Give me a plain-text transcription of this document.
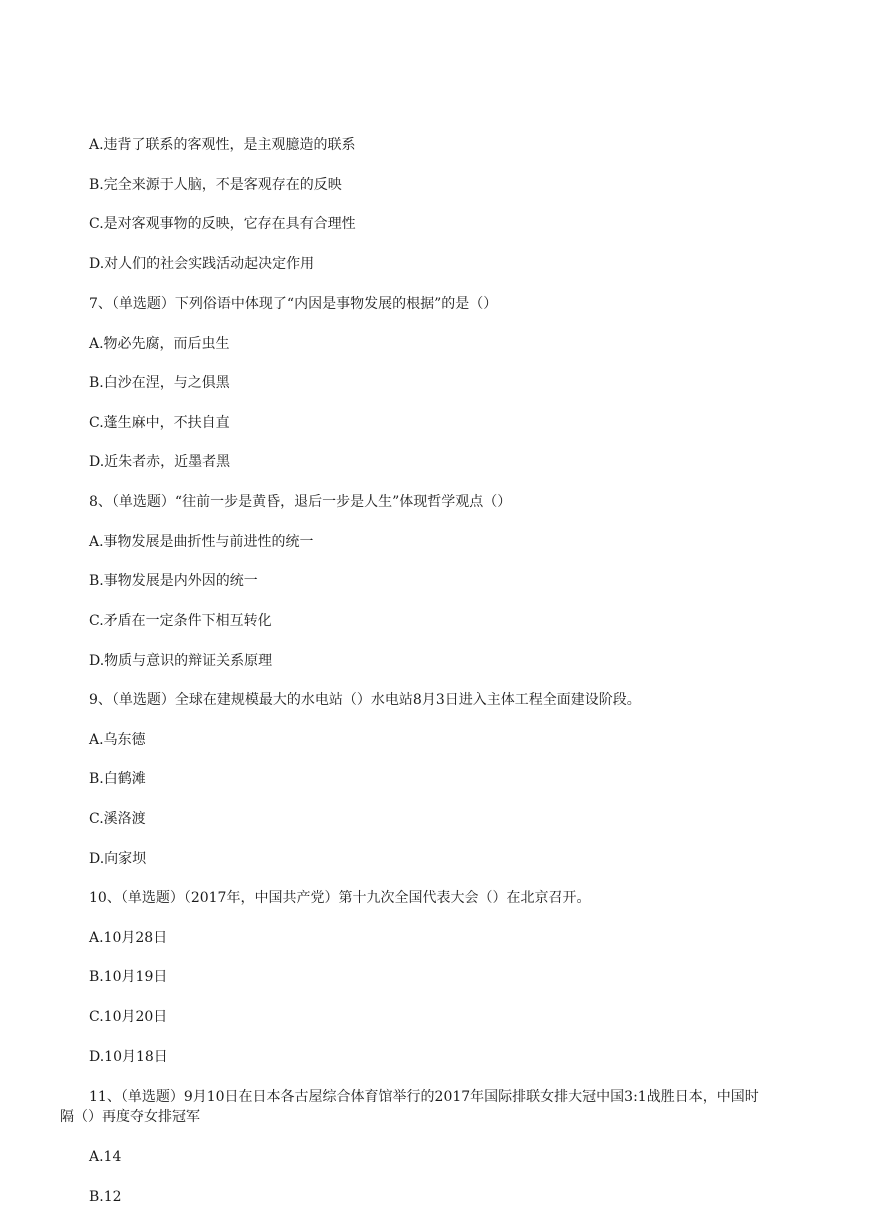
A.违背了联系的客观性，是主观臆造的联系
B.完全来源于人脑，不是客观存在的反映
C.是对客观事物的反映，它存在具有合理性
D.对人们的社会实践活动起决定作用
7、（单选题）下列俗语中体现了“内因是事物发展的根据”的是（）
A.物必先腐，而后虫生
B.白沙在涅，与之俱黑
C.蓬生麻中，不扶自直
D.近朱者赤，近墨者黑
8、（单选题）“往前一步是黄昏，退后一步是人生”体现哲学观点（）
A.事物发展是曲折性与前进性的统一
B.事物发展是内外因的统一
C.矛盾在一定条件下相互转化
D.物质与意识的辩证关系原理
9、（单选题）全球在建规模最大的水电站（）水电站8月3日进入主体工程全面建设阶段。
A.乌东德
B.白鹤滩
C.溪洛渡
D.向家坝
10、（单选题）（2017年，中国共产党）第十九次全国代表大会（）在北京召开。
A.10月28日
B.10月19日
C.10月20日
D.10月18日
11、（单选题）9月10日在日本各古屋综合体育馆举行的2017年国际排联女排大冠中国3:1战胜日本，中国时
隔（）再度夺女排冠军
A.14
B.12
